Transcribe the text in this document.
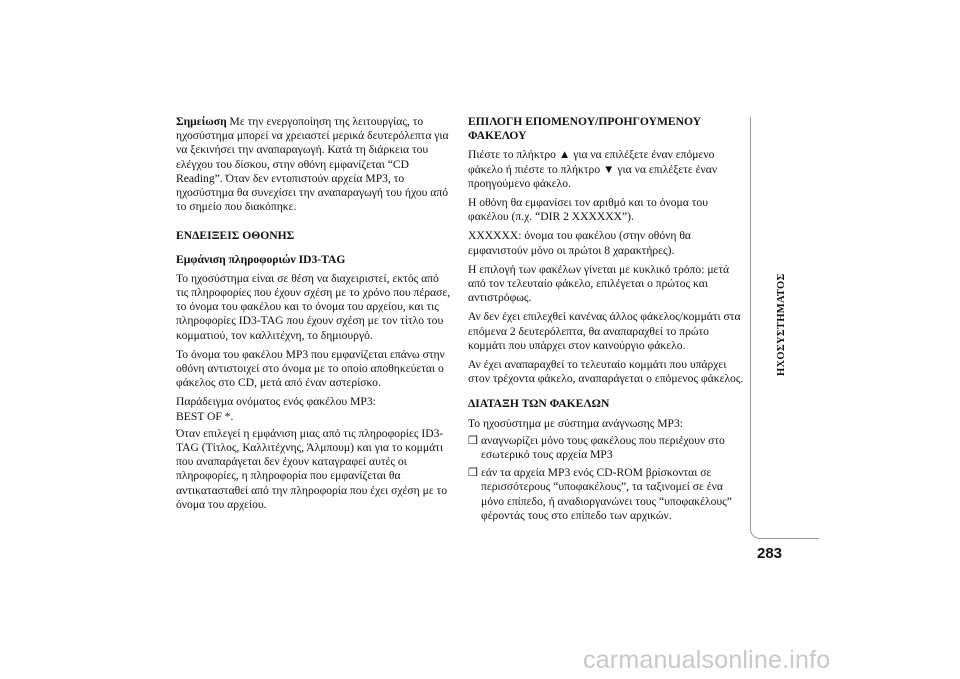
Σημείωση Με την ενεργοποίηση της λειτουργίας, το ηχοσύστημα μπορεί να χρειαστεί μερικά δευτερόλεπτα για να ξεκινήσει την αναπαραγωγή. Κατά τη διάρκεια του ελέγχου του δίσκου, στην οθόνη εμφανίζεται “CD Reading”. Όταν δεν εντοπιστούν αρχεία MP3, το ηχοσύστημα θα συνεχίσει την αναπαραγωγή του ήχου από το σημείο που διακόπηκε.

ΕΝΔΕΙΞΕΙΣ ΟΘΟΝΗΣ

Εμφάνιση πληροφοριών ID3-TAG

Το ηχοσύστημα είναι σε θέση να διαχειριστεί, εκτός από τις πληροφορίες που έχουν σχέση με το χρόνο που πέρασε, το όνομα του φακέλου και το όνομα του αρχείου, και τις πληροφορίες ID3-TAG που έχουν σχέση με τον τίτλο του κομματιού, τον καλλιτέχνη, το δημιουργό.

Το όνομα του φακέλου MP3 που εμφανίζεται επάνω στην οθόνη αντιστοιχεί στο όνομα με το οποίο αποθηκεύεται ο φάκελος στο CD, μετά από έναν αστερίσκο.

Παράδειγμα ονόματος ενός φακέλου MP3:
BEST OF *.

Όταν επιλεγεί η εμφάνιση μιας από τις πληροφορίες ID3-TAG (Τίτλος, Καλλιτέχνης, Άλμπουμ) και για το κομμάτι που αναπαράγεται δεν έχουν καταγραφεί αυτές οι πληροφορίες, η πληροφορία που εμφανίζεται θα αντικατασταθεί από την πληροφορία που έχει σχέση με το όνομα του αρχείου.

ΕΠΙΛΟΓΗ ΕΠΟΜΕΝΟΥ/ΠΡΟΗΓΟΥΜΕΝΟΥ ΦΑΚΕΛΟΥ

Πιέστε το πλήκτρο ▲ για να επιλέξετε έναν επόμενο φάκελο ή πιέστε το πλήκτρο ▼ για να επιλέξετε έναν προηγούμενο φάκελο.

Η οθόνη θα εμφανίσει τον αριθμό και το όνομα του φακέλου (π.χ. “DIR 2 XXXXXX”).

XXXXXX: όνομα του φακέλου (στην οθόνη θα εμφανιστούν μόνο οι πρώτοι 8 χαρακτήρες).

Η επιλογή των φακέλων γίνεται με κυκλικό τρόπο: μετά από τον τελευταίο φάκελο, επιλέγεται ο πρώτος και αντιστρόφως.

Αν δεν έχει επιλεχθεί κανένας άλλος φάκελος/κομμάτι στα επόμενα 2 δευτερόλεπτα, θα αναπαραχθεί το πρώτο κομμάτι που υπάρχει στον καινούργιο φάκελο.

Αν έχει αναπαραχθεί το τελευταίο κομμάτι που υπάρχει στον τρέχοντα φάκελο, αναπαράγεται ο επόμενος φάκελος.

ΔΙΑΤΑΞΗ ΤΩΝ ΦΑΚΕΛΩΝ

Το ηχοσύστημα με σύστημα ανάγνωσης MP3:

❒ αναγνωρίζει μόνο τους φακέλους που περιέχουν στο εσωτερικό τους αρχεία MP3
❒ εάν τα αρχεία MP3 ενός CD-ROM βρίσκονται σε περισσότερους “υποφακέλους”, τα ταξινομεί σε ένα μόνο επίπεδο, ή αναδιοργανώνει τους “υποφακέλους” φέροντάς τους στο επίπεδο των αρχικών.
ΗΧΟΣΥΣΤΗΜΑΤΟΣ
283
carmanualsonline.info
